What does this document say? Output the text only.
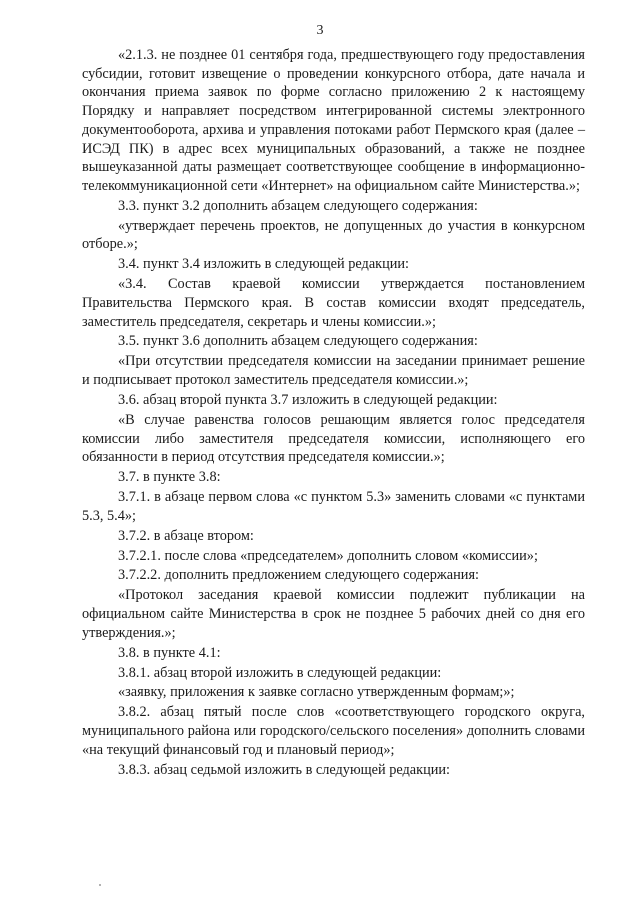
3

«2.1.3. не позднее 01 сентября года, предшествующего году предоставления субсидии, готовит извещение о проведении конкурсного отбора, дате начала и окончания приема заявок по форме согласно приложению 2 к настоящему Порядку и направляет посредством интегрированной системы электронного документооборота, архива и управления потоками работ Пермского края (далее – ИСЭД ПК) в адрес всех муниципальных образований, а также не позднее вышеуказанной даты размещает соответствующее сообщение в информационно-телекоммуникационной сети «Интернет» на официальном сайте Министерства.»;

3.3. пункт 3.2 дополнить абзацем следующего содержания:

«утверждает перечень проектов, не допущенных до участия в конкурсном отборе.»;

3.4. пункт 3.4 изложить в следующей редакции:

«3.4. Состав краевой комиссии утверждается постановлением Правительства Пермского края. В состав комиссии входят председатель, заместитель председателя, секретарь и члены комиссии.»;

3.5. пункт 3.6 дополнить абзацем следующего содержания:

«При отсутствии председателя комиссии на заседании принимает решение и подписывает протокол заместитель председателя комиссии.»;

3.6. абзац второй пункта 3.7 изложить в следующей редакции:

«В случае равенства голосов решающим является голос председателя комиссии либо заместителя председателя комиссии, исполняющего его обязанности в период отсутствия председателя комиссии.»;

3.7. в пункте 3.8:

3.7.1. в абзаце первом слова «с пунктом 5.3» заменить словами «с пунктами 5.3, 5.4»;

3.7.2. в абзаце втором:

3.7.2.1. после слова «председателем» дополнить словом «комиссии»;

3.7.2.2. дополнить предложением следующего содержания:

«Протокол заседания краевой комиссии подлежит публикации на официальном сайте Министерства в срок не позднее 5 рабочих дней со дня его утверждения.»;

3.8. в пункте 4.1:

3.8.1. абзац второй изложить в следующей редакции:

«заявку, приложения к заявке согласно утвержденным формам;»;

3.8.2. абзац пятый после слов «соответствующего городского округа, муниципального района или городского/сельского поселения» дополнить словами «на текущий финансовый год и плановый период»;

3.8.3. абзац седьмой изложить в следующей редакции:
